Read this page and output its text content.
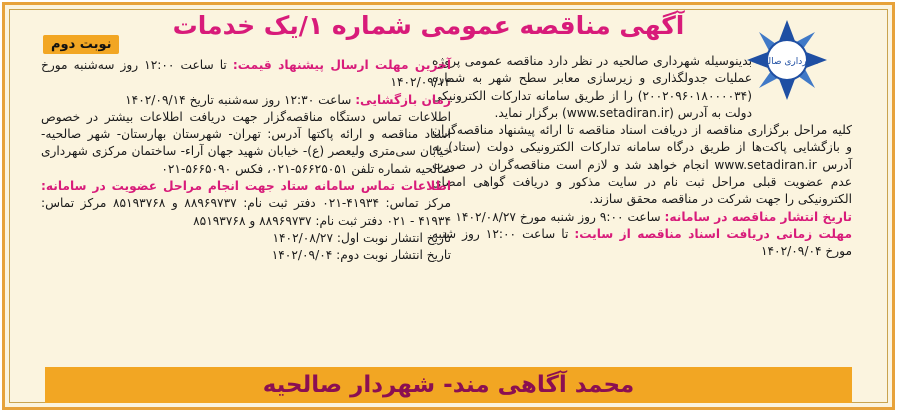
نوبت دوم
آگهی مناقصه عمومی شماره ۱/یک خدمات
شهرداری صالحیه

بدینوسیله شهرداری صالحیه در نظر دارد مناقصه عمومی پروژه عملیات جدولگذاری و زیرسازی معابر سطح شهر به شماره (۲۰۰۲۰۹۶۰۱۸۰۰۰۰۳۴) را از طریق سامانه تدارکات الکترونیکی دولت به آدرس (www.setadiran.ir) برگزار نماید.

کلیه مراحل برگزاری مناقصه از دریافت اسناد مناقصه تا ارائه پیشنهاد مناقصه‌گران و بازگشایی پاکت‌ها از طریق درگاه سامانه تدارکات الکترونیکی دولت (ستاد) به آدرس www.setadiran.ir انجام خواهد شد و لازم است مناقصه‌گران در صورت عدم عضویت قبلی مراحل ثبت نام در سایت مذکور و دریافت گواهی امضای الکترونیکی را جهت شرکت در مناقصه محقق سازند.

تاریخ انتشار مناقصه در سامانه: ساعت ۹:۰۰ روز شنبه مورخ ۱۴۰۲/۰۸/۲۷

مهلت زمانی دریافت اسناد مناقصه از سایت: تا ساعت ۱۲:۰۰ روز شنبه مورخ ۱۴۰۲/۰۹/۰۴

آخرین مهلت ارسال پیشنهاد قیمت: تا ساعت ۱۲:۰۰ روز سه‌شنبه مورخ ۱۴۰۲/۰۹/۱۴

زمان بازگشایی: ساعت ۱۲:۳۰ روز سه‌شنبه تاریخ ۱۴۰۲/۰۹/۱۴

اطلاعات تماس دستگاه مناقصه‌گزار جهت دریافت اطلاعات بیشتر در خصوص اسناد مناقصه و ارائه پاکتها آدرس: تهران- شهرستان بهارستان- شهر صالحیه- خیابان سی‌متری ولیعصر (ع)- خیابان شهید جهان آراء- ساختمان مرکزی شهرداری صالحیه شماره تلفن ۵۶۶۲۵۰۵۱-۰۲۱، فکس ۵۶۶۵۰۹۰-۰۲۱

اطلاعات تماس سامانه ستاد جهت انجام مراحل عضویت در سامانه: مرکز تماس: ۴۱۹۳۴-۰۲۱ دفتر ثبت نام: ۸۸۹۶۹۷۳۷ و ۸۵۱۹۳۷۶۸ مرکز تماس: ۴۱۹۳۴ - ۰۲۱ دفتر ثبت نام: ۸۸۹۶۹۷۳۷ و ۸۵۱۹۳۷۶۸

تاریخ انتشار نوبت اول: ۱۴۰۲/۰۸/۲۷

تاریخ انتشار نوبت دوم: ۱۴۰۲/۰۹/۰۴

محمد آگاهی مند- شهردار صالحیه
